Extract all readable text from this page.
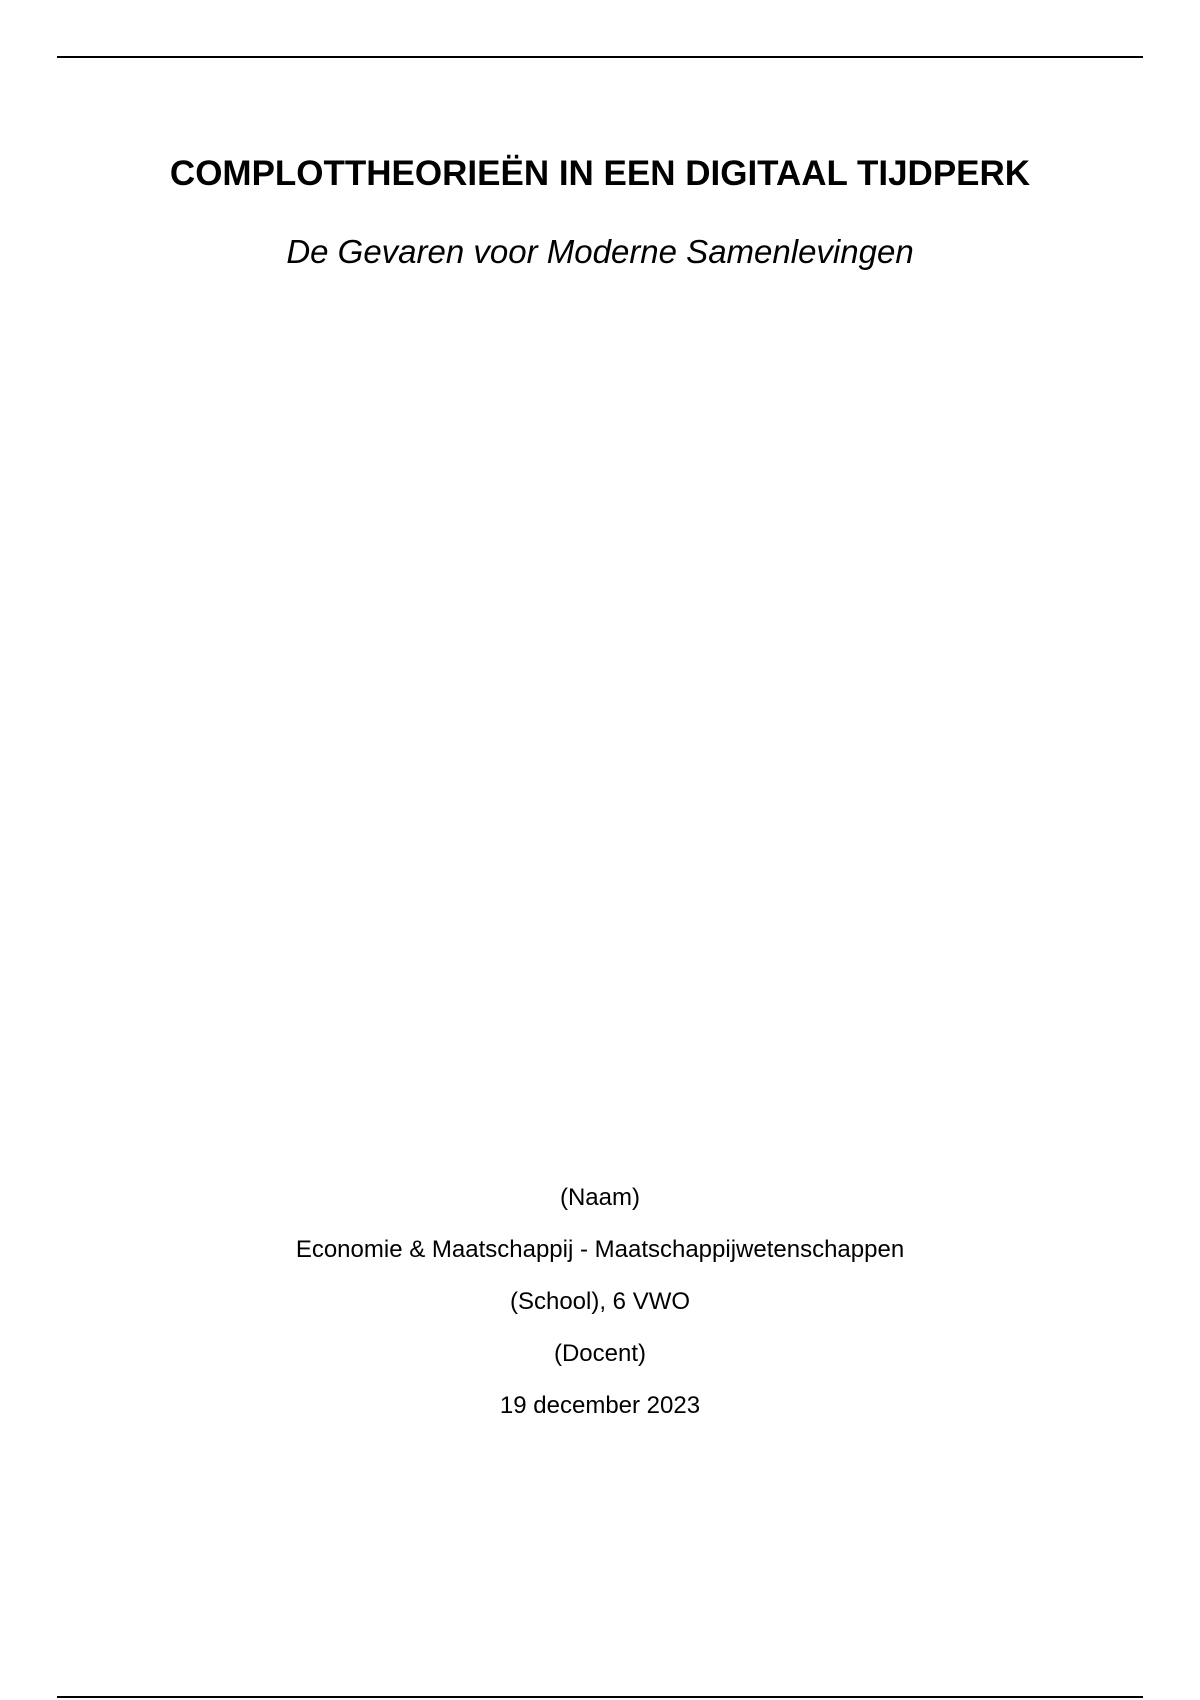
COMPLOTTHEORIEËN IN EEN DIGITAAL TIJDPERK
De Gevaren voor Moderne Samenlevingen
(Naam)
Economie & Maatschappij - Maatschappijwetenschappen
(School), 6 VWO
(Docent)
19 december 2023
